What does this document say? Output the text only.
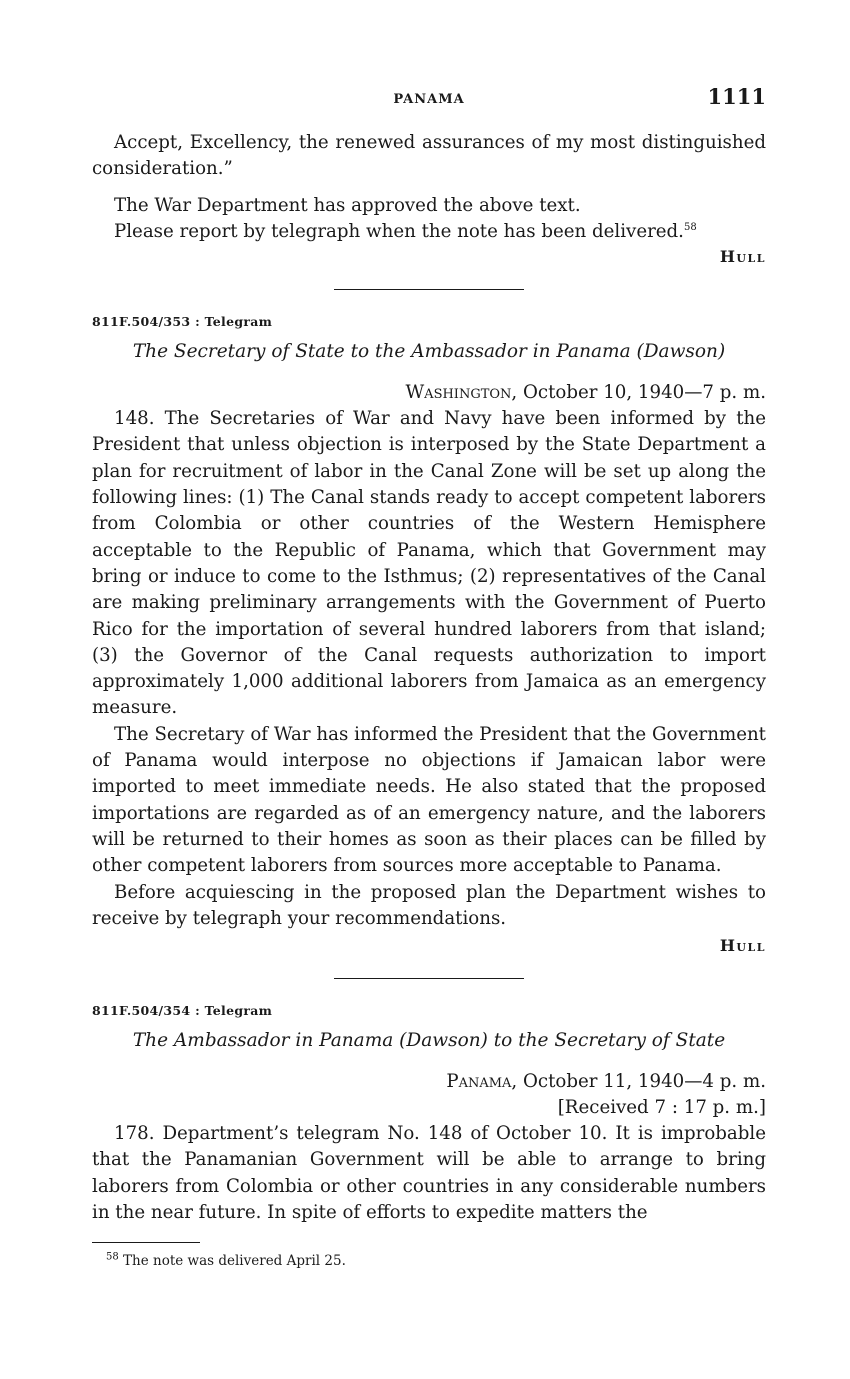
PANAMA	1111

Accept, Excellency, the renewed assurances of my most distinguished consideration.”

The War Department has approved the above text.

Please report by telegraph when the note has been delivered.$^{58}$

Hull
811F.504/353 : Telegram
The Secretary of State to the Ambassador in Panama (Dawson)
Washington, October 10, 1940—7 p. m.

148. The Secretaries of War and Navy have been informed by the President that unless objection is interposed by the State Department a plan for recruitment of labor in the Canal Zone will be set up along the following lines: (1) The Canal stands ready to accept competent laborers from Colombia or other countries of the Western Hemisphere acceptable to the Republic of Panama, which that Government may bring or induce to come to the Isthmus; (2) representatives of the Canal are making preliminary arrangements with the Government of Puerto Rico for the importation of several hundred laborers from that island; (3) the Governor of the Canal requests authorization to import approximately 1,000 additional laborers from Jamaica as an emergency measure.

The Secretary of War has informed the President that the Government of Panama would interpose no objections if Jamaican labor were imported to meet immediate needs. He also stated that the proposed importations are regarded as of an emergency nature, and the laborers will be returned to their homes as soon as their places can be filled by other competent laborers from sources more acceptable to Panama.

Before acquiescing in the proposed plan the Department wishes to receive by telegraph your recommendations.

Hull
811F.504/354 : Telegram
The Ambassador in Panama (Dawson) to the Secretary of State
Panama, October 11, 1940—4 p. m.
[Received 7 : 17 p. m.]

178. Department’s telegram No. 148 of October 10. It is improbable that the Panamanian Government will be able to arrange to bring laborers from Colombia or other countries in any considerable numbers in the near future. In spite of efforts to expedite matters the

$^{58}$ The note was delivered April 25.
